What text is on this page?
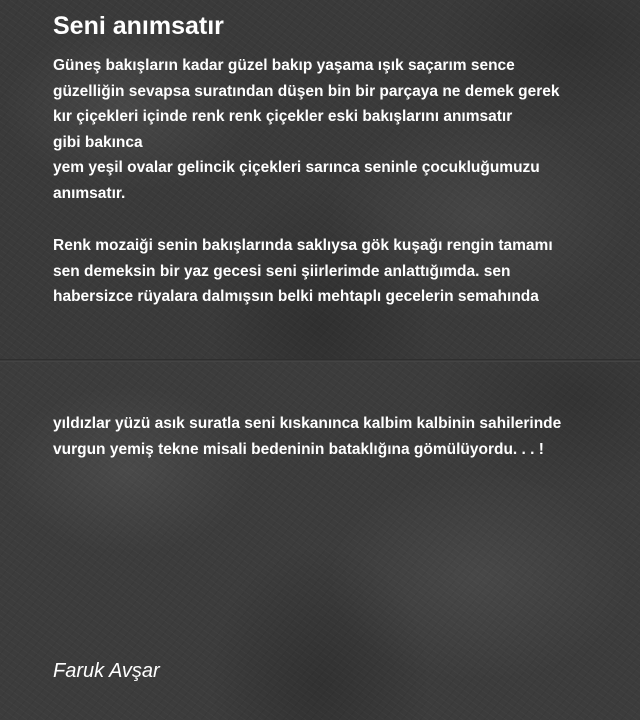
Seni anımsatır

Güneş bakışların kadar güzel bakıp yaşama ışık saçarım sence
güzelliğin sevapsa suratından düşen bin bir parçaya ne demek gerek
kır çiçekleri içinde renk renk çiçekler eski bakışlarını anımsatır
gibi bakınca
yem yeşil ovalar gelincik çiçekleri sarınca seninle çocukluğumuzu
anımsatır.

Renk mozaiği senin bakışlarında saklıysa gök kuşağı rengin tamamı
sen demeksin bir yaz gecesi seni şiirlerimde anlattığımda. sen
habersizce rüyalara dalmışsın belki mehtaplı gecelerin semahında

yıldızlar yüzü asık suratla seni kıskanınca kalbim kalbinin sahilerinde
vurgun yemiş tekne misali bedeninin bataklığına gömülüyordu. . . !

Faruk Avşar
